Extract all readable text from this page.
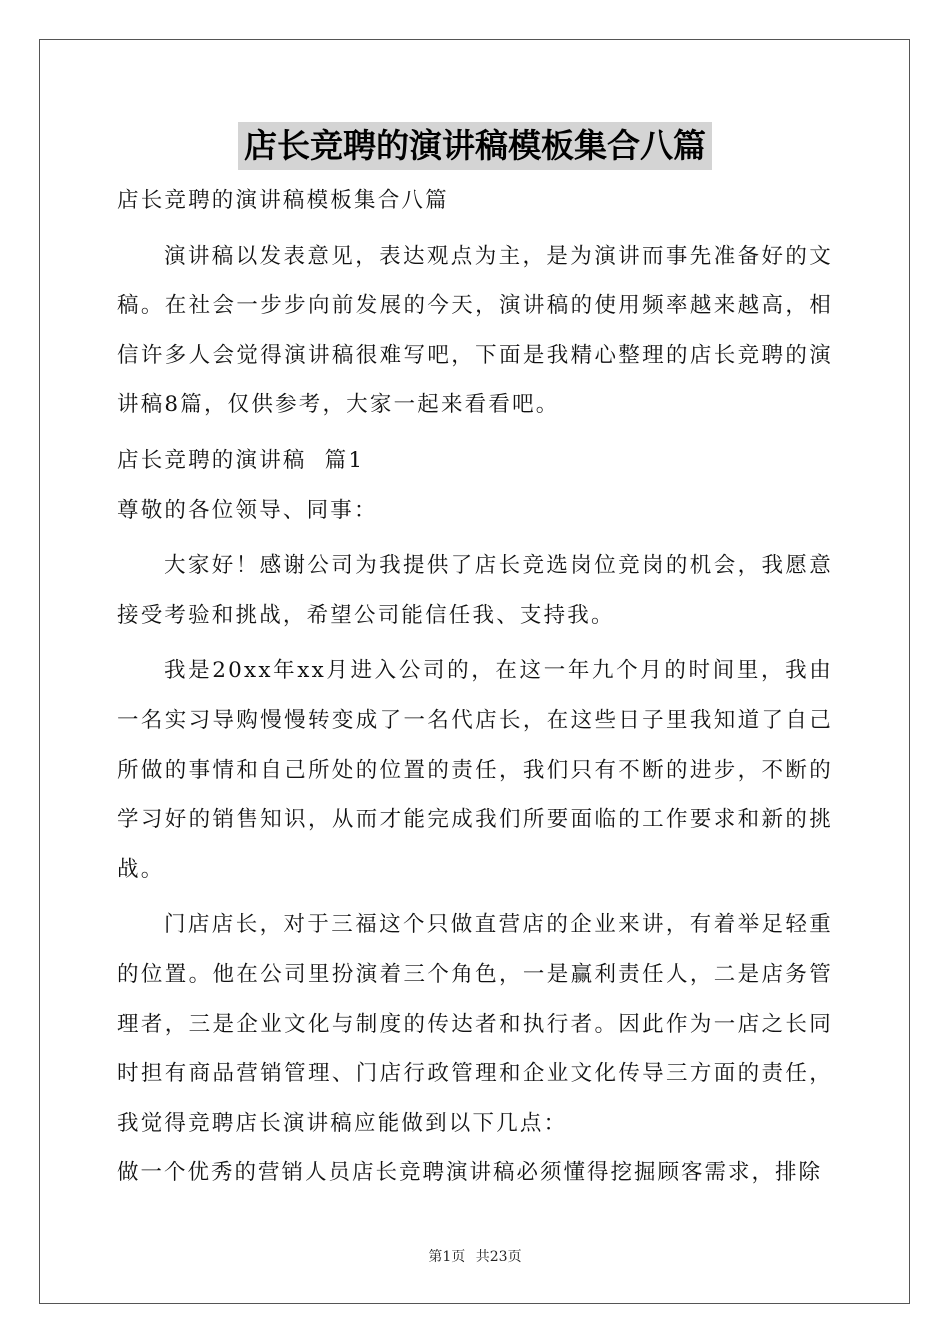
店长竞聘的演讲稿模板集合八篇
店长竞聘的演讲稿模板集合八篇

演讲稿以发表意见，表达观点为主，是为演讲而事先准备好的文稿。在社会一步步向前发展的今天，演讲稿的使用频率越来越高，相信许多人会觉得演讲稿很难写吧，下面是我精心整理的店长竞聘的演讲稿8篇，仅供参考，大家一起来看看吧。

店长竞聘的演讲稿  篇1
尊敬的各位领导、同事：

大家好！感谢公司为我提供了店长竞选岗位竞岗的机会，我愿意接受考验和挑战，希望公司能信任我、支持我。

我是20xx年xx月进入公司的，在这一年九个月的时间里，我由一名实习导购慢慢转变成了一名代店长，在这些日子里我知道了自己所做的事情和自己所处的位置的责任，我们只有不断的进步，不断的学习好的销售知识，从而才能完成我们所要面临的工作要求和新的挑战。

门店店长，对于三福这个只做直营店的企业来讲，有着举足轻重的位置。他在公司里扮演着三个角色，一是赢利责任人，二是店务管理者，三是企业文化与制度的传达者和执行者。因此作为一店之长同时担有商品营销管理、门店行政管理和企业文化传导三方面的责任，我觉得竞聘店长演讲稿应能做到以下几点：

做一个优秀的营销人员店长竞聘演讲稿必须懂得挖掘顾客需求，排除
第1页 共23页
